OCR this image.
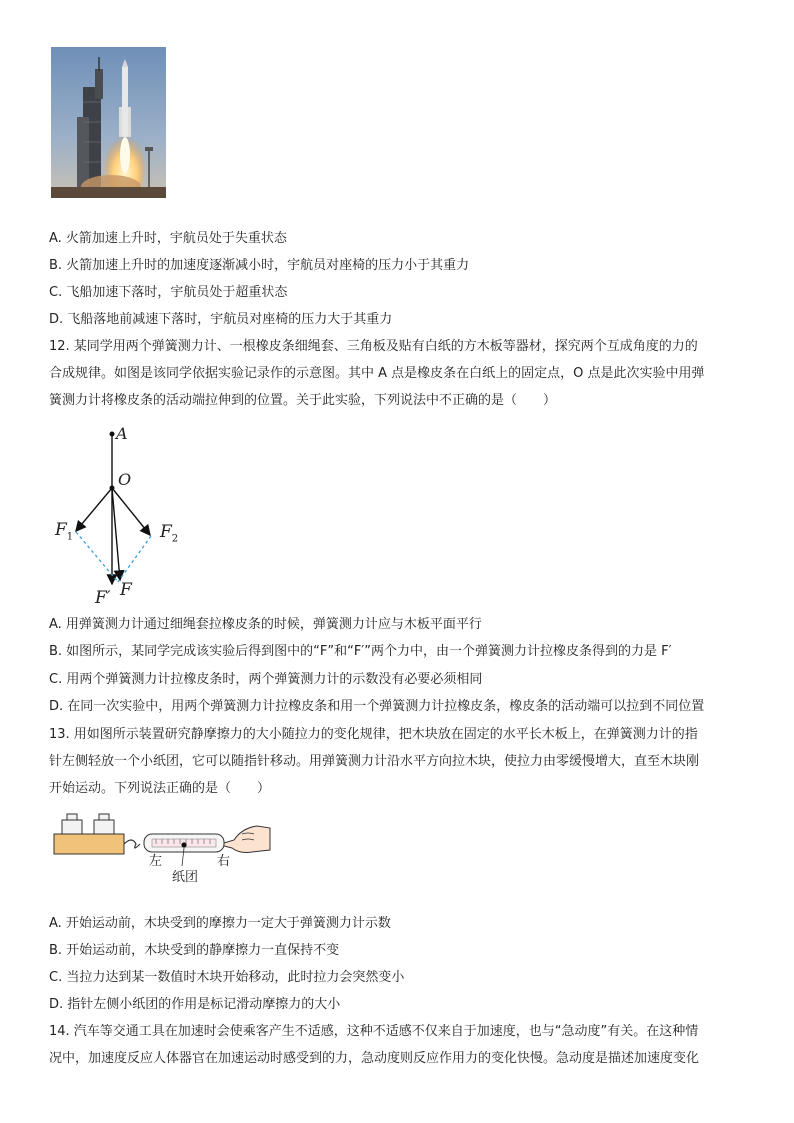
A. 火箭加速上升时，宇航员处于失重状态
B. 火箭加速上升时的加速度逐渐减小时，宇航员对座椅的压力小于其重力
C. 飞船加速下落时，宇航员处于超重状态
D. 飞船落地前减速下落时，宇航员对座椅的压力大于其重力
12. 某同学用两个弹簧测力计、一根橡皮条细绳套、三角板及贴有白纸的方木板等器材，探究两个互成角度的力的
合成规律。如图是该同学依据实验记录作的示意图。其中 A 点是橡皮条在白纸上的固定点，O 点是此次实验中用弹
簧测力计将橡皮条的活动端拉伸到的位置。关于此实验，下列说法中不正确的是（　　）
A
O
$F_1$	$F_2$
F
F′
A. 用弹簧测力计通过细绳套拉橡皮条的时候，弹簧测力计应与木板平面平行
B. 如图所示，某同学完成该实验后得到图中的“F”和“F′”两个力中，由一个弹簧测力计拉橡皮条得到的力是 F′
C. 用两个弹簧测力计拉橡皮条时，两个弹簧测力计的示数没有必要必须相同
D. 在同一次实验中，用两个弹簧测力计拉橡皮条和用一个弹簧测力计拉橡皮条，橡皮条的活动端可以拉到不同位置
13. 用如图所示装置研究静摩擦力的大小随拉力的变化规律，把木块放在固定的水平长木板上，在弹簧测力计的指
针左侧轻放一个小纸团，它可以随指针移动。用弹簧测力计沿水平方向拉木块，使拉力由零缓慢增大，直至木块刚
开始运动。下列说法正确的是（　　）
左	右
纸团
A. 开始运动前，木块受到的摩擦力一定大于弹簧测力计示数
B. 开始运动前，木块受到的静摩擦力一直保持不变
C. 当拉力达到某一数值时木块开始移动，此时拉力会突然变小
D. 指针左侧小纸团的作用是标记滑动摩擦力的大小
14. 汽车等交通工具在加速时会使乘客产生不适感，这种不适感不仅来自于加速度，也与“急动度”有关。在这种情
况中，加速度反应人体器官在加速运动时感受到的力，急动度则反应作用力的变化快慢。急动度是描述加速度变化
